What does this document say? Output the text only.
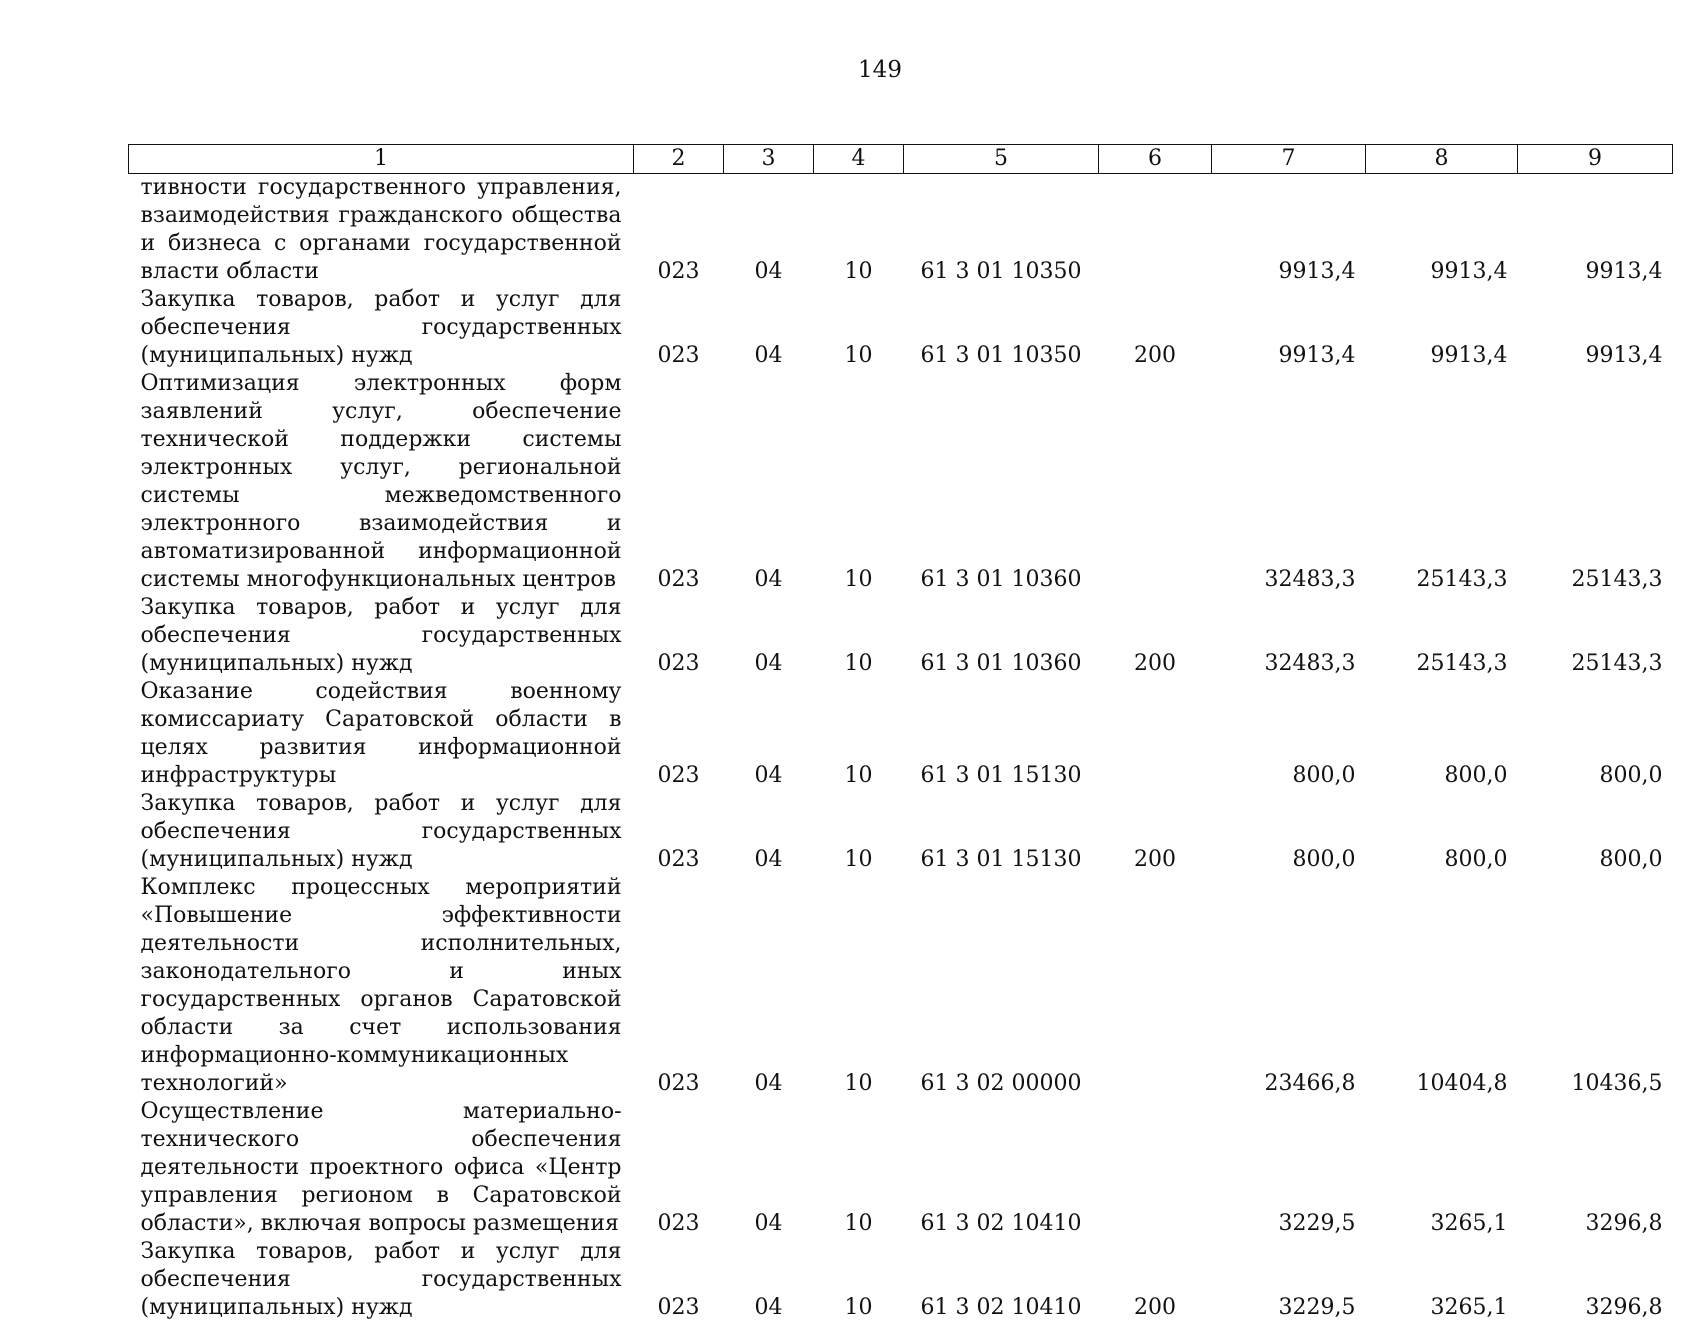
149
1	2	3	4	5	6	7	8	9

тивности государственного управления, взаимодействия гражданского общества и бизнеса с органами государственной власти области	023	04	10	61 3 01 10350		9913,4	9913,4	9913,4

Закупка товаров, работ и услуг для обеспечения государственных (муниципальных) нужд	023	04	10	61 3 01 10350	200	9913,4	9913,4	9913,4

Оптимизация электронных форм заявлений услуг, обеспечение технической поддержки системы электронных услуг, региональной системы межведомственного электронного взаимодействия и автоматизированной информационной системы многофункциональных центров	023	04	10	61 3 01 10360		32483,3	25143,3	25143,3

Закупка товаров, работ и услуг для обеспечения государственных (муниципальных) нужд	023	04	10	61 3 01 10360	200	32483,3	25143,3	25143,3

Оказание содействия военному комиссариату Саратовской области в целях развития информационной инфраструктуры	023	04	10	61 3 01 15130		800,0	800,0	800,0

Закупка товаров, работ и услуг для обеспечения государственных (муниципальных) нужд	023	04	10	61 3 01 15130	200	800,0	800,0	800,0

Комплекс процессных мероприятий «Повышение эффективности деятельности исполнительных, законодательного и иных государственных органов Саратовской области за счет использования информационно-коммуникационных технологий»	023	04	10	61 3 02 00000		23466,8	10404,8	10436,5

Осуществление материально-технического обеспечения деятельности проектного офиса «Центр управления регионом в Саратовской области», включая вопросы размещения	023	04	10	61 3 02 10410		3229,5	3265,1	3296,8

Закупка товаров, работ и услуг для обеспечения государственных (муниципальных) нужд	023	04	10	61 3 02 10410	200	3229,5	3265,1	3296,8
